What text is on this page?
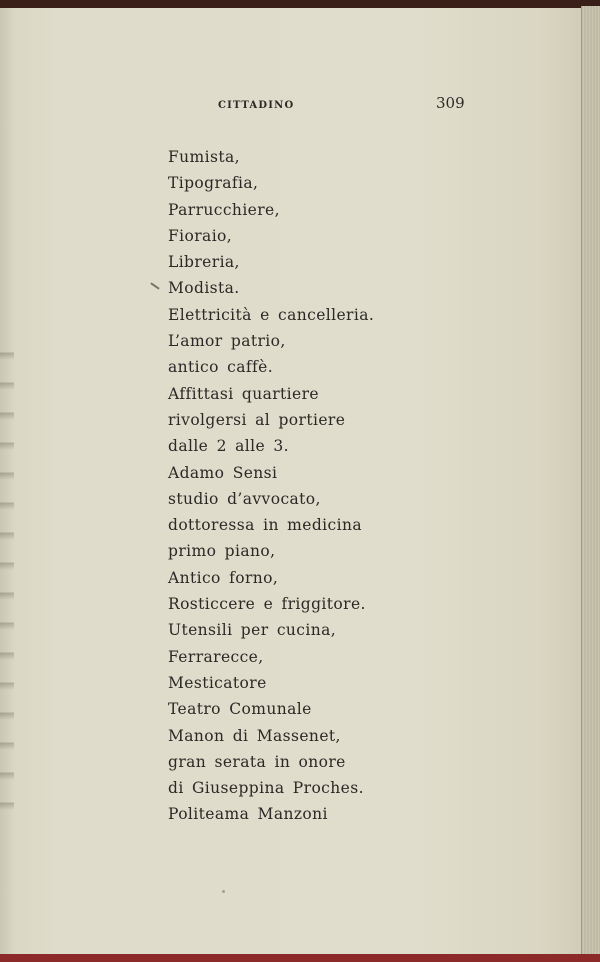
CITTADINO	309
Fumista,
Tipografia,
Parrucchiere,
Fioraio,
Libreria,
Modista.
Elettricità e cancelleria.
L’amor patrio,
antico caffè.
Affittasi quartiere
rivolgersi al portiere
dalle 2 alle 3.
Adamo Sensi
studio d’avvocato,
dottoressa in medicina
primo piano,
Antico forno,
Rosticcere e friggitore.
Utensili per cucina,
Ferrarecce,
Mesticatore
Teatro Comunale
Manon di Massenet,
gran serata in onore
di Giuseppina Proches.
Politeama Manzoni
